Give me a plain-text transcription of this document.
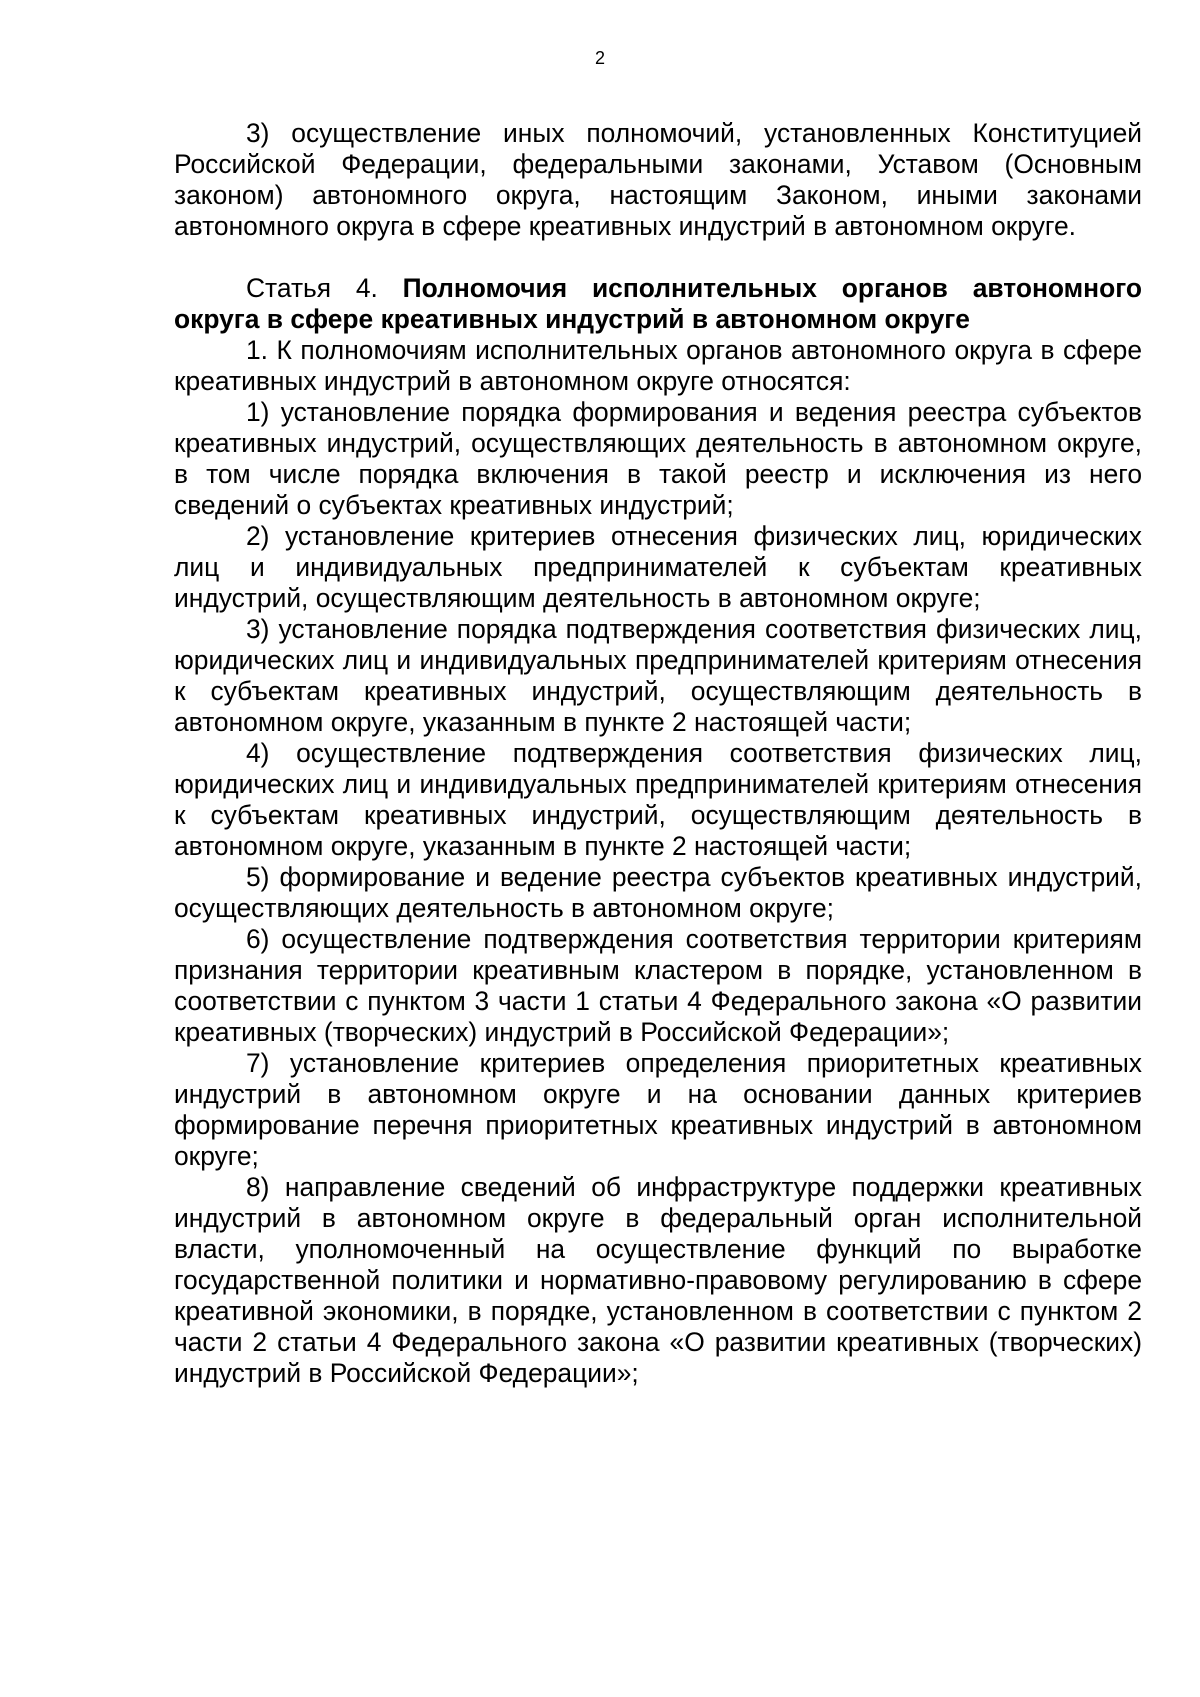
2

3) осуществление иных полномочий, установленных Конституцией Российской Федерации, федеральными законами, Уставом (Основным законом) автономного округа, настоящим Законом, иными законами автономного округа в сфере креативных индустрий в автономном округе.

Статья 4. Полномочия исполнительных органов автономного округа в сфере креативных индустрий в автономном округе

1. К полномочиям исполнительных органов автономного округа в сфере креативных индустрий в автономном округе относятся:

1) установление порядка формирования и ведения реестра субъектов креативных индустрий, осуществляющих деятельность в автономном округе, в том числе порядка включения в такой реестр и исключения из него сведений о субъектах креативных индустрий;

2) установление критериев отнесения физических лиц, юридических лиц и индивидуальных предпринимателей к субъектам креативных индустрий, осуществляющим деятельность в автономном округе;

3) установление порядка подтверждения соответствия физических лиц, юридических лиц и индивидуальных предпринимателей критериям отнесения к субъектам креативных индустрий, осуществляющим деятельность в автономном округе, указанным в пункте 2 настоящей части;

4) осуществление подтверждения соответствия физических лиц, юридических лиц и индивидуальных предпринимателей критериям отнесения к субъектам креативных индустрий, осуществляющим деятельность в автономном округе, указанным в пункте 2 настоящей части;

5) формирование и ведение реестра субъектов креативных индустрий, осуществляющих деятельность в автономном округе;

6) осуществление подтверждения соответствия территории критериям признания территории креативным кластером в порядке, установленном в соответствии с пунктом 3 части 1 статьи 4 Федерального закона «О развитии креативных (творческих) индустрий в Российской Федерации»;

7) установление критериев определения приоритетных креативных индустрий в автономном округе и на основании данных критериев формирование перечня приоритетных креативных индустрий в автономном округе;

8) направление сведений об инфраструктуре поддержки креативных индустрий в автономном округе в федеральный орган исполнительной власти, уполномоченный на осуществление функций по выработке государственной политики и нормативно-правовому регулированию в сфере креативной экономики, в порядке, установленном в соответствии с пунктом 2 части 2 статьи 4 Федерального закона «О развитии креативных (творческих) индустрий в Российской Федерации»;
